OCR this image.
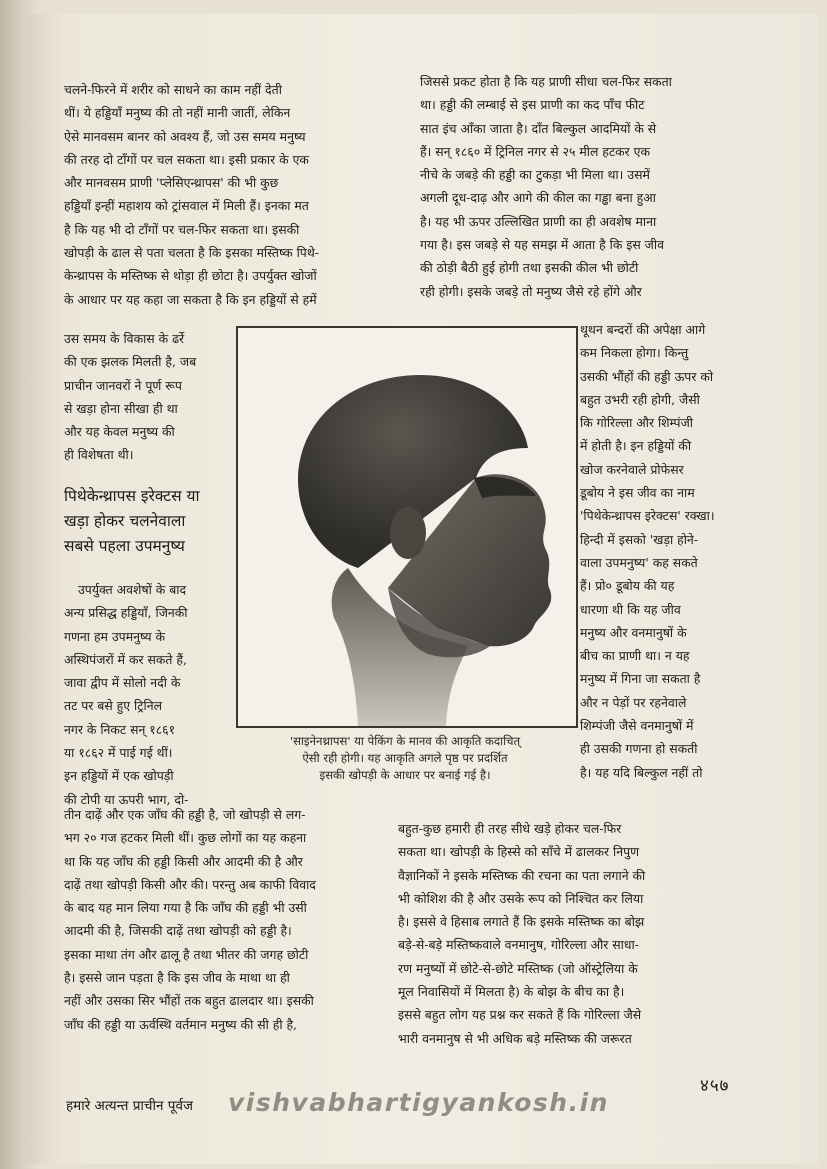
चलने-फिरने में शरीर को साधने का काम नहीं देती

थीं। ये हड्डियाँ मनुष्य की तो नहीं मानी जातीं, लेकिन

ऐसे मानवसम बानर को अवश्य हैं, जो उस समय मनुष्य

की तरह दो टाँगों पर चल सकता था। इसी प्रकार के एक

और मानवसम प्राणी 'प्लेसिएन्थ्रापस' की भी कुछ

हड्डियाँ इन्हीं महाशय को ट्रांसवाल में मिली हैं। इनका मत

है कि यह भी दो टाँगों पर चल-फिर सकता था। इसकी

खोपड़ी के ढाल से पता चलता है कि इसका मस्तिष्क पिथे-

केन्थ्रापस के मस्तिष्क से थोड़ा ही छोटा है। उपर्युक्त खोजों

के आधार पर यह कहा जा सकता है कि इन हड्डियों से हमें

उस समय के विकास के ढर्रे

की एक झलक मिलती है, जब

प्राचीन जानवरों ने पूर्ण रूप

से खड़ा होना सीखा ही था

और यह केवल मनुष्य की

ही विशेषता थी।

पिथेकेन्थ्रापस इरेक्टस या
खड़ा होकर चलनेवाला
सबसे पहला उपमनुष्य

उपर्युक्त अवशेषों के बाद

अन्य प्रसिद्ध हड्डियाँ, जिनकी

गणना हम उपमनुष्य के

अस्थिपंजरों में कर सकते हैं,

जावा द्वीप में सोलो नदी के

तट पर बसे हुए ट्रिनिल

नगर के निकट सन् १८६१

या १८६२ में पाई गई थीं।

इन हड्डियों में एक खोपड़ी

की टोपी या ऊपरी भाग, दो-

तीन दाढ़ें और एक जाँघ की हड्डी है, जो खोपड़ी से लग-

भग २० गज हटकर मिली थीं। कुछ लोगों का यह कहना

था कि यह जाँघ की हड्डी किसी और आदमी की है और

दाढ़ें तथा खोपड़ी किसी और की। परन्तु अब काफी विवाद

के बाद यह मान लिया गया है कि जाँघ की हड्डी भी उसी

आदमी की है, जिसकी दाढ़ें तथा खोपड़ी को हड्डी है।

इसका माथा तंग और ढालू है तथा भीतर की जगह छोटी

है। इससे जान पड़ता है कि इस जीव के माथा था ही

नहीं और उसका सिर भौंहों तक बहुत ढालदार था। इसकी

जाँघ की हड्डी या ऊर्वस्थि वर्तमान मनुष्य की सी ही है,

जिससे प्रकट होता है कि यह प्राणी सीधा चल-फिर सकता

था। हड्डी की लम्बाई से इस प्राणी का कद पाँच फीट

सात इंच आँका जाता है। दाँत बिल्कुल आदमियों के से

हैं। सन् १८६० में ट्रिनिल नगर से २५ मील हटकर एक

नीचे के जबड़े की हड्डी का टुकड़ा भी मिला था। उसमें

अगली दूध-दाढ़ और आगे की कील का गड्ढा बना हुआ

है। यह भी ऊपर उल्लिखित प्राणी का ही अवशेष माना

गया है। इस जबड़े से यह समझ में आता है कि इस जीव

की ठोड़ी बैठी हुई होगी तथा इसकी कील भी छोटी

रही होगी। इसके जबड़े तो मनुष्य जैसे रहे होंगे और

थूथन बन्दरों की अपेक्षा आगे

कम निकला होगा। किन्तु

उसकी भौंहों की हड्डी ऊपर को

बहुत उभरी रही होगी, जैसी

कि गोरिल्ला और शिम्पंजी

में होती है। इन हड्डियों की

खोज करनेवाले प्रोफेसर

डूबोय ने इस जीव का नाम

'पिथेकेन्थ्रापस इरेक्टस' रक्खा।

हिन्दी में इसको 'खड़ा होने-

वाला उपमनुष्य' कह सकते

हैं। प्रो० डूबोय की यह

धारणा थी कि यह जीव

मनुष्य और वनमानुषों के

बीच का प्राणी था। न यह

मनुष्य में गिना जा सकता है

और न पेड़ों पर रहनेवाले

शिम्पंजी जैसे वनमानुषों में

ही उसकी गणना हो सकती

है। यह यदि बिल्कुल नहीं तो

बहुत-कुछ हमारी ही तरह सीधे खड़े होकर चल-फिर

सकता था। खोपड़ी के हिस्से को साँचे में ढालकर निपुण

वैज्ञानिकों ने इसके मस्तिष्क की रचना का पता लगाने की

भी कोशिश की है और उसके रूप को निश्चित कर लिया

है। इससे वे हिसाब लगाते हैं कि इसके मस्तिष्क का बोझ

बड़े-से-बड़े मस्तिष्कवाले वनमानुष, गोरिल्ला और साधा-

रण मनुष्यों में छोटे-से-छोटे मस्तिष्क (जो ऑस्ट्रेलिया के

मूल निवासियों में मिलता है) के बोझ के बीच का है।

इससे बहुत लोग यह प्रश्न कर सकते हैं कि गोरिल्ला जैसे

भारी वनमानुष से भी अधिक बड़े मस्तिष्क की जरूरत

'साइनेनथ्रापस' या पेकिंग के मानव की आकृति कदाचित्
ऐसी रही होगी। यह आकृति अगले पृष्ठ पर प्रदर्शित
इसकी खोपड़ी के आधार पर बनाई गई है।
४५७
हमारे अत्यन्त प्राचीन पूर्वज vishvabhartigyankosh.in
